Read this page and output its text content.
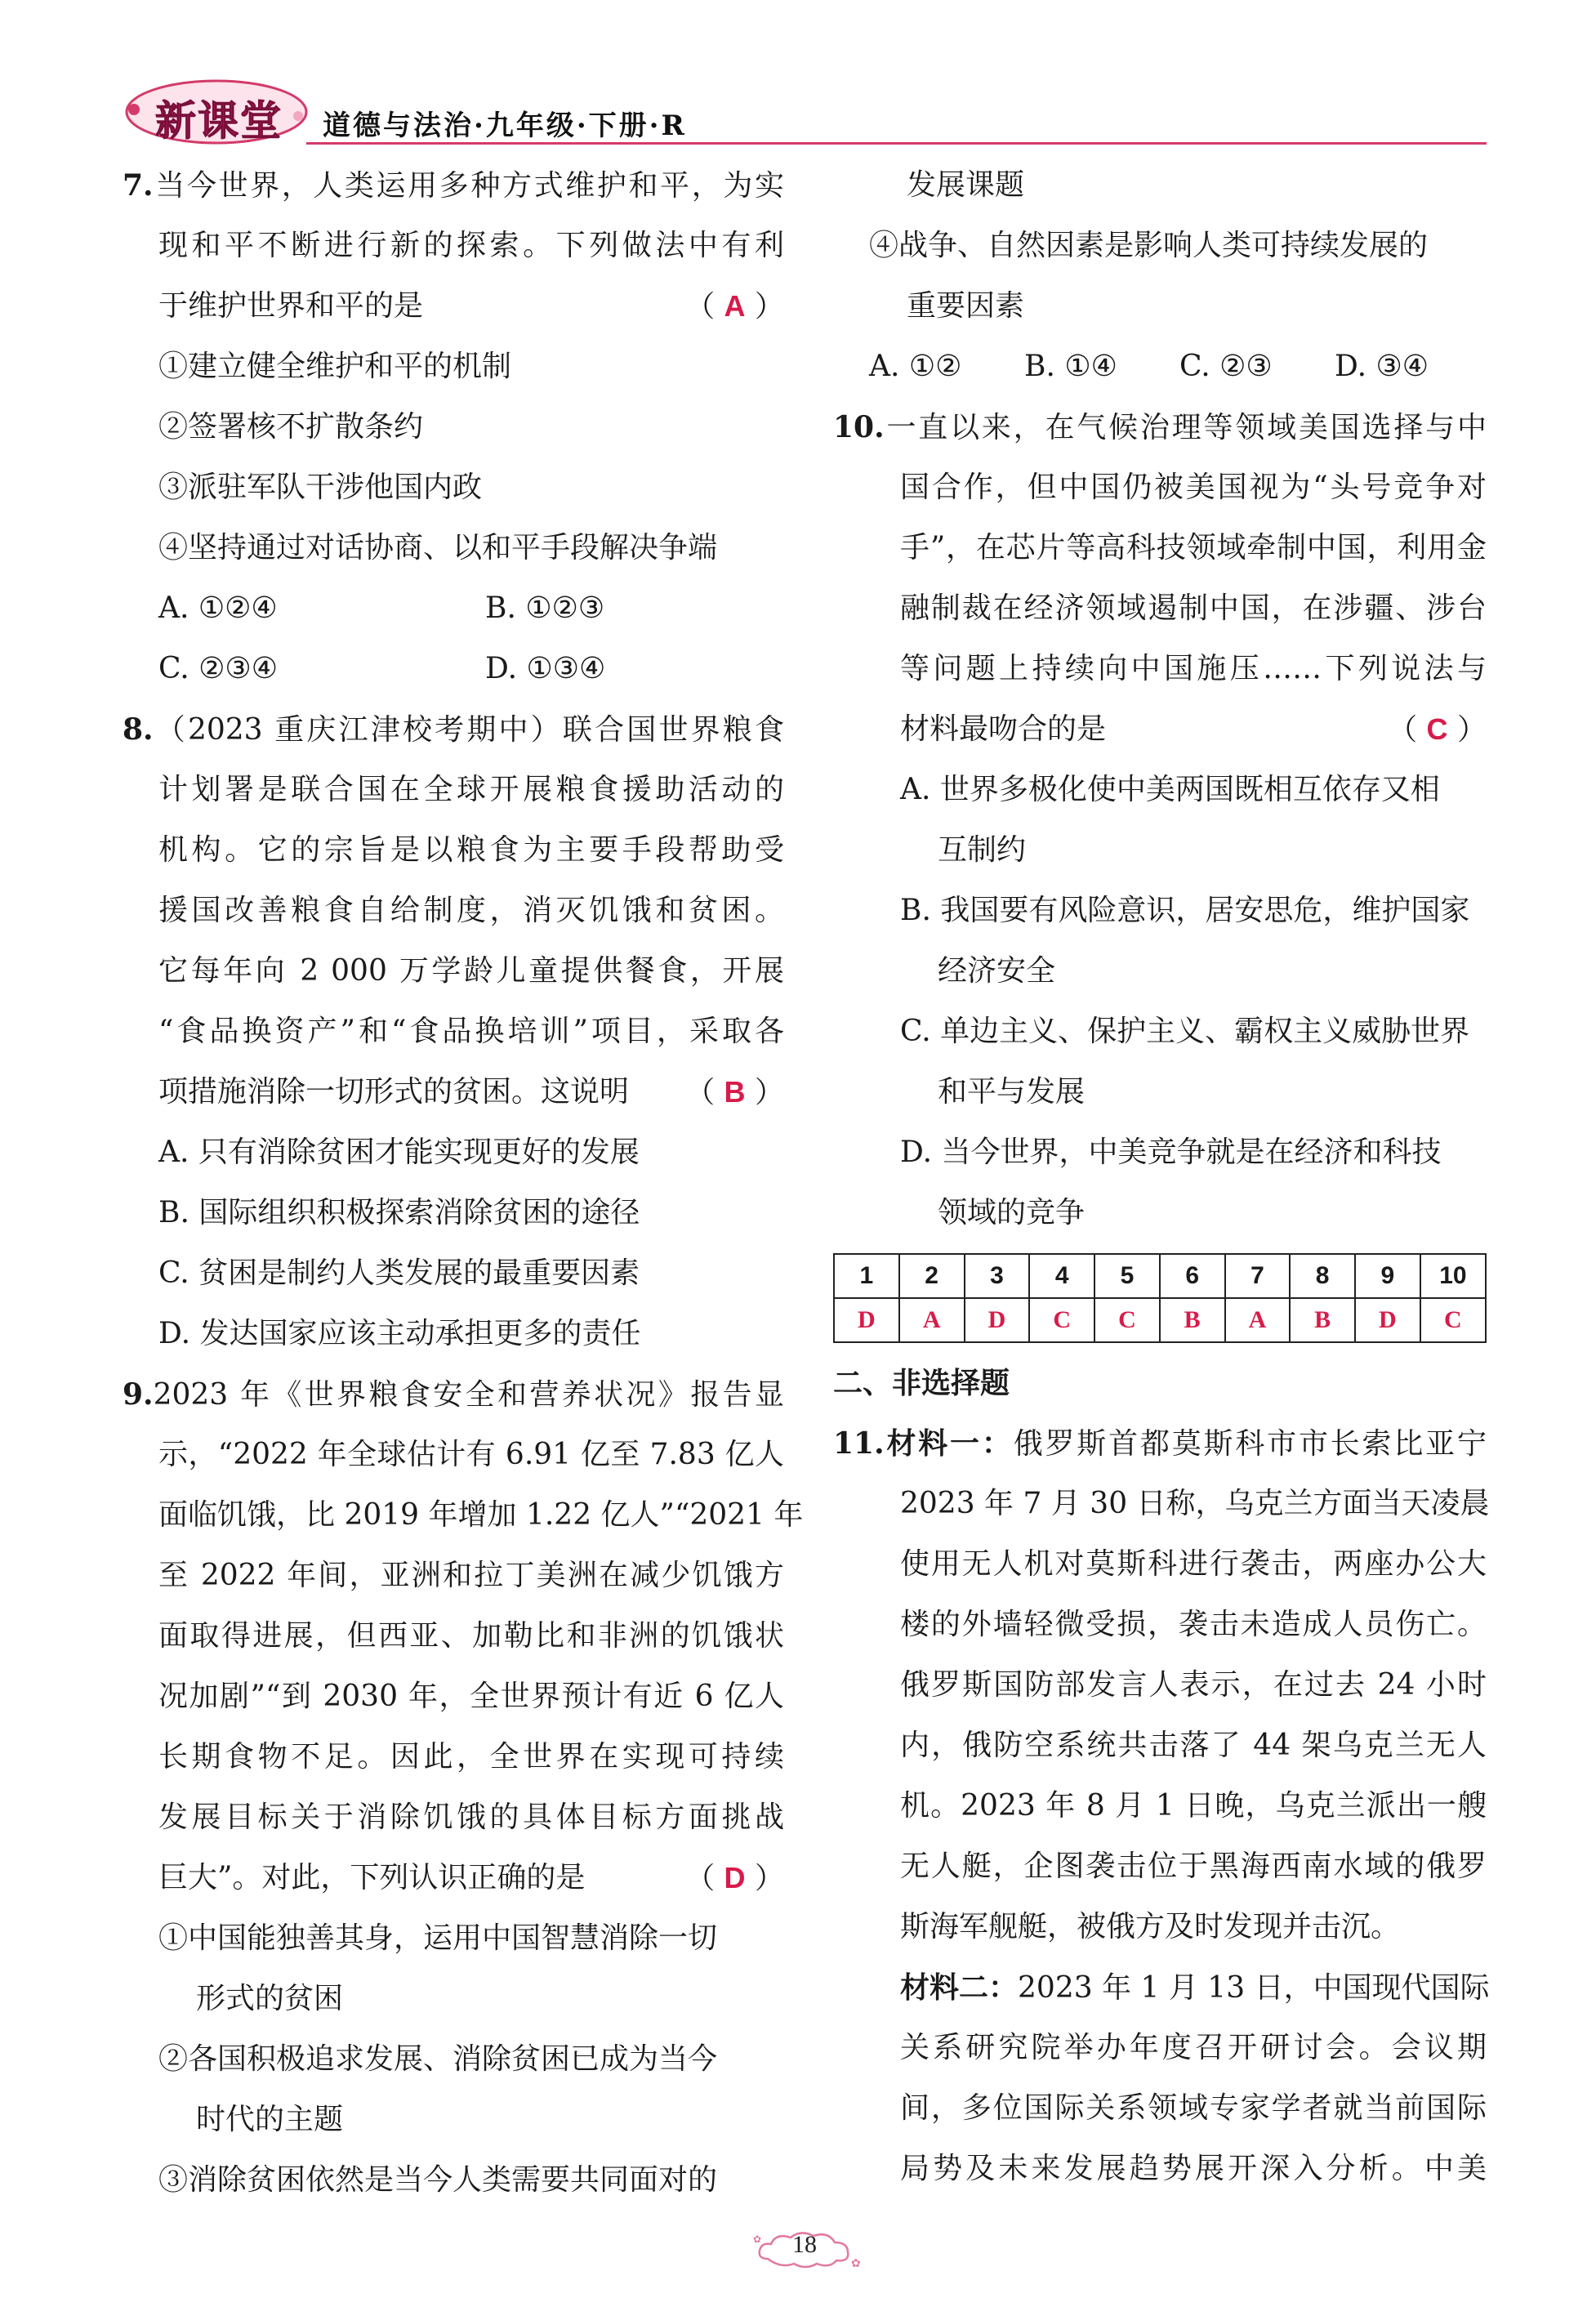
新课堂 道德与法治·九年级·下册·R
7.当今世界，人类运用多种方式维护和平，为实
现和平不断进行新的探索。下列做法中有利
于维护世界和平的是	（ A ）
①建立健全维护和平的机制
②签署核不扩散条约
③派驻军队干涉他国内政
④坚持通过对话协商、以和平手段解决争端
A. ①②④	B. ①②③
C. ②③④	D. ①③④
8.（2023 重庆江津校考期中）联合国世界粮食
计划署是联合国在全球开展粮食援助活动的
机构。它的宗旨是以粮食为主要手段帮助受
援国改善粮食自给制度，消灭饥饿和贫困。
它每年向 2 000 万学龄儿童提供餐食，开展
“食品换资产”和“食品换培训”项目，采取各
项措施消除一切形式的贫困。这说明 （ B ）
A. 只有消除贫困才能实现更好的发展
B. 国际组织积极探索消除贫困的途径
C. 贫困是制约人类发展的最重要因素
D. 发达国家应该主动承担更多的责任
9.2023 年《世界粮食安全和营养状况》报告显
示，“2022 年全球估计有 6.91 亿至 7.83 亿人
面临饥饿，比 2019 年增加 1.22 亿人”“2021 年
至 2022 年间，亚洲和拉丁美洲在减少饥饿方
面取得进展，但西亚、加勒比和非洲的饥饿状
况加剧”“到 2030 年，全世界预计有近 6 亿人
长期食物不足。因此，全世界在实现可持续
发展目标关于消除饥饿的具体目标方面挑战
巨大”。对此，下列认识正确的是	（ D ）
①中国能独善其身，运用中国智慧消除一切
形式的贫困
②各国积极追求发展、消除贫困已成为当今
时代的主题
③消除贫困依然是当今人类需要共同面对的
发展课题
④战争、自然因素是影响人类可持续发展的
重要因素
A. ①②	B. ①④	C. ②③	D. ③④
10.一直以来，在气候治理等领域美国选择与中
国合作，但中国仍被美国视为“头号竞争对
手”，在芯片等高科技领域牵制中国，利用金
融制裁在经济领域遏制中国，在涉疆、涉台
等问题上持续向中国施压……下列说法与
材料最吻合的是	（ C ）
A. 世界多极化使中美两国既相互依存又相
互制约
B. 我国要有风险意识，居安思危，维护国家
经济安全
C. 单边主义、保护主义、霸权主义威胁世界
和平与发展
D. 当今世界，中美竞争就是在经济和科技
领域的竞争
1	2	3	4	5	6	7	8	9	10
D	A	D	C	C	B	A	B	D	C
二、非选择题
11.材料一：俄罗斯首都莫斯科市市长索比亚宁
2023 年 7 月 30 日称，乌克兰方面当天凌晨
使用无人机对莫斯科进行袭击，两座办公大
楼的外墙轻微受损，袭击未造成人员伤亡。
俄罗斯国防部发言人表示，在过去 24 小时
内，俄防空系统共击落了 44 架乌克兰无人
机。2023 年 8 月 1 日晚，乌克兰派出一艘
无人艇，企图袭击位于黑海西南水域的俄罗
斯海军舰艇，被俄方及时发现并击沉。
材料二：2023 年 1 月 13 日，中国现代国际
关系研究院举办年度召开研讨会。会议期
间，多位国际关系领域专家学者就当前国际
局势及未来发展趋势展开深入分析。中美
✿
✿	18
